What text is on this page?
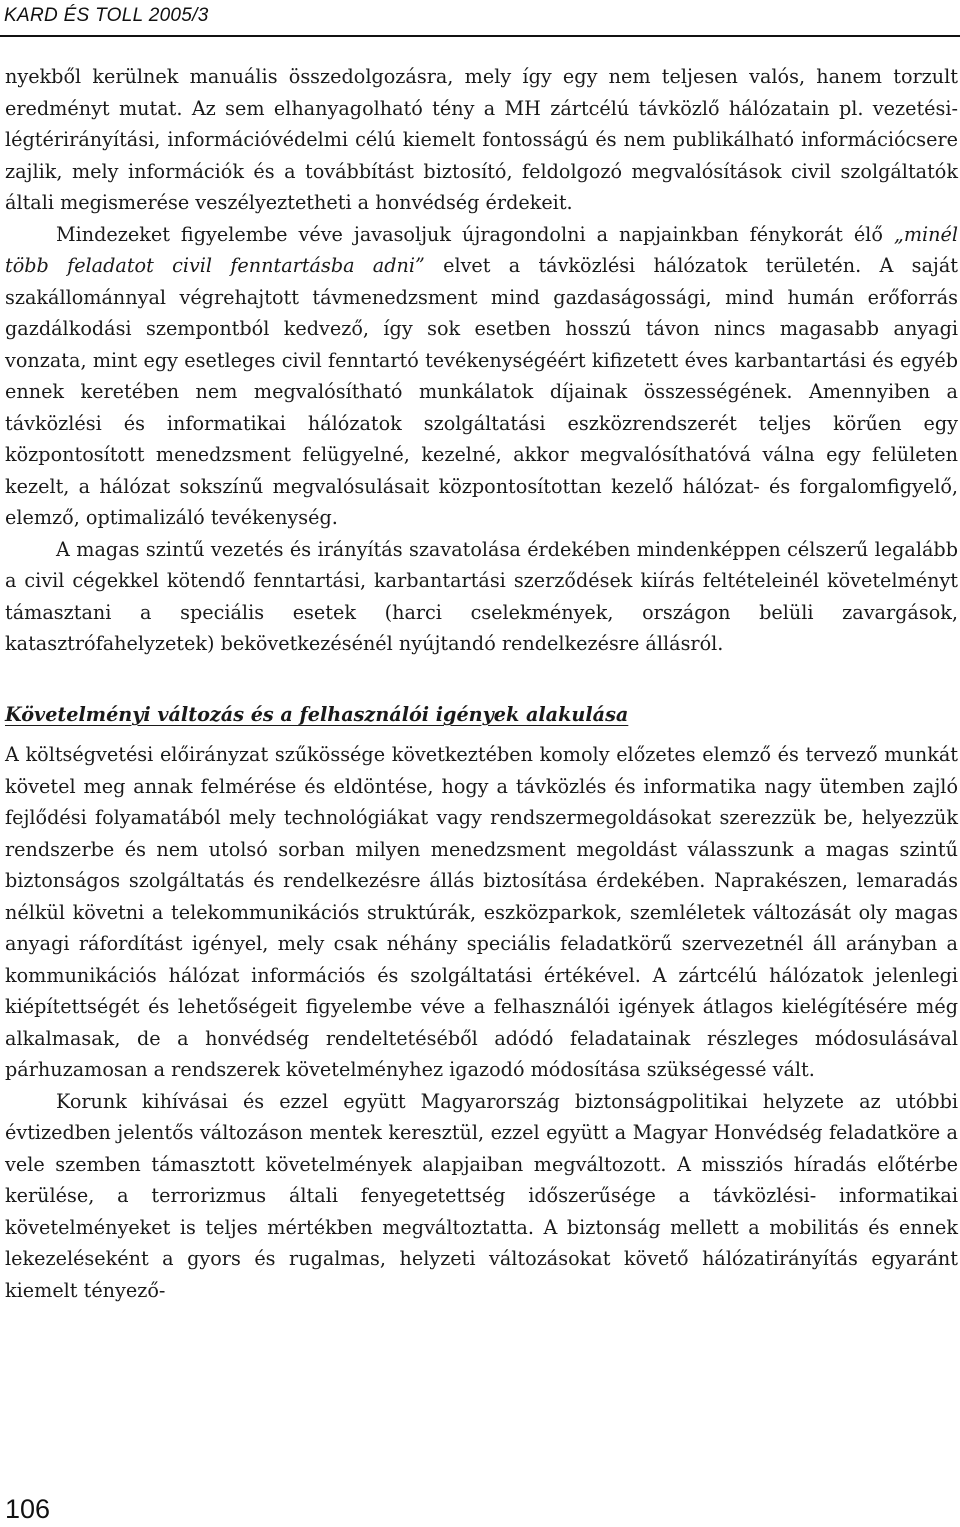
KARD ÉS TOLL 2005/3

nyekből kerülnek manuális összedolgozásra, mely így egy nem teljesen valós, hanem torzult eredményt mutat. Az sem elhanyagolható tény a MH zártcélú távközlő hálózatain pl. vezetési- légtérirányítási, információvédelmi célú kiemelt fontosságú és nem publikálható információcsere zajlik, mely információk és a továbbítást biztosító, feldolgozó megvalósítások civil szolgáltatók általi megismerése veszélyeztetheti a honvédség érdekeit.

Mindezeket figyelembe véve javasoljuk újragondolni a napjainkban fénykorát élő „minél több feladatot civil fenntartásba adni” elvet a távközlési hálózatok területén. A saját szakállománnyal végrehajtott távmenedzsment mind gazdaságossági, mind humán erőforrás gazdálkodási szempontból kedvező, így sok esetben hosszú távon nincs magasabb anyagi vonzata, mint egy esetleges civil fenntartó tevékenységéért kifizetett éves karbantartási és egyéb ennek keretében nem megvalósítható munkálatok díjainak összességének. Amennyiben a távközlési és informatikai hálózatok szolgáltatási eszközrendszerét teljes körűen egy központosított menedzsment felügyelné, kezelné, akkor megvalósíthatóvá válna egy felületen kezelt, a hálózat sokszínű megvalósulásait központosítottan kezelő hálózat- és forgalomfigyelő, elemző, optimalizáló tevékenység.

A magas szintű vezetés és irányítás szavatolása érdekében mindenképpen célszerű legalább a civil cégekkel kötendő fenntartási, karbantartási szerződések kiírás feltételeinél követelményt támasztani a speciális esetek (harci cselekmények, országon belüli zavargások, katasztrófahelyzetek) bekövetkezésénél nyújtandó rendelkezésre állásról.

Követelményi változás és a felhasználói igények alakulása

A költségvetési előirányzat szűkössége következtében komoly előzetes elemző és tervező munkát követel meg annak felmérése és eldöntése, hogy a távközlés és informatika nagy ütemben zajló fejlődési folyamatából mely technológiákat vagy rendszermegoldásokat szerezzük be, helyezzük rendszerbe és nem utolsó sorban milyen menedzsment megoldást válasszunk a magas szintű biztonságos szolgáltatás és rendelkezésre állás biztosítása érdekében. Naprakészen, lemaradás nélkül követni a telekommunikációs struktúrák, eszközparkok, szemléletek változását oly magas anyagi ráfordítást igényel, mely csak néhány speciális feladatkörű szervezetnél áll arányban a kommunikációs hálózat információs és szolgáltatási értékével. A zártcélú hálózatok jelenlegi kiépítettségét és lehetőségeit figyelembe véve a felhasználói igények átlagos kielégítésére még alkalmasak, de a honvédség rendeltetéséből adódó feladatainak részleges módosulásával párhuzamosan a rendszerek követelményhez igazodó módosítása szükségessé vált.

Korunk kihívásai és ezzel együtt Magyarország biztonságpolitikai helyzete az utóbbi évtizedben jelentős változáson mentek keresztül, ezzel együtt a Magyar Honvédség feladatköre a vele szemben támasztott követelmények alapjaiban megváltozott. A missziós híradás előtérbe kerülése, a terrorizmus általi fenyegetettség időszerűsége a távközlési- informatikai követelményeket is teljes mértékben megváltoztatta. A biztonság mellett a mobilitás és ennek lekezeléseként a gyors és rugalmas, helyzeti változásokat követő hálózatirányítás egyaránt kiemelt tényező-

106
